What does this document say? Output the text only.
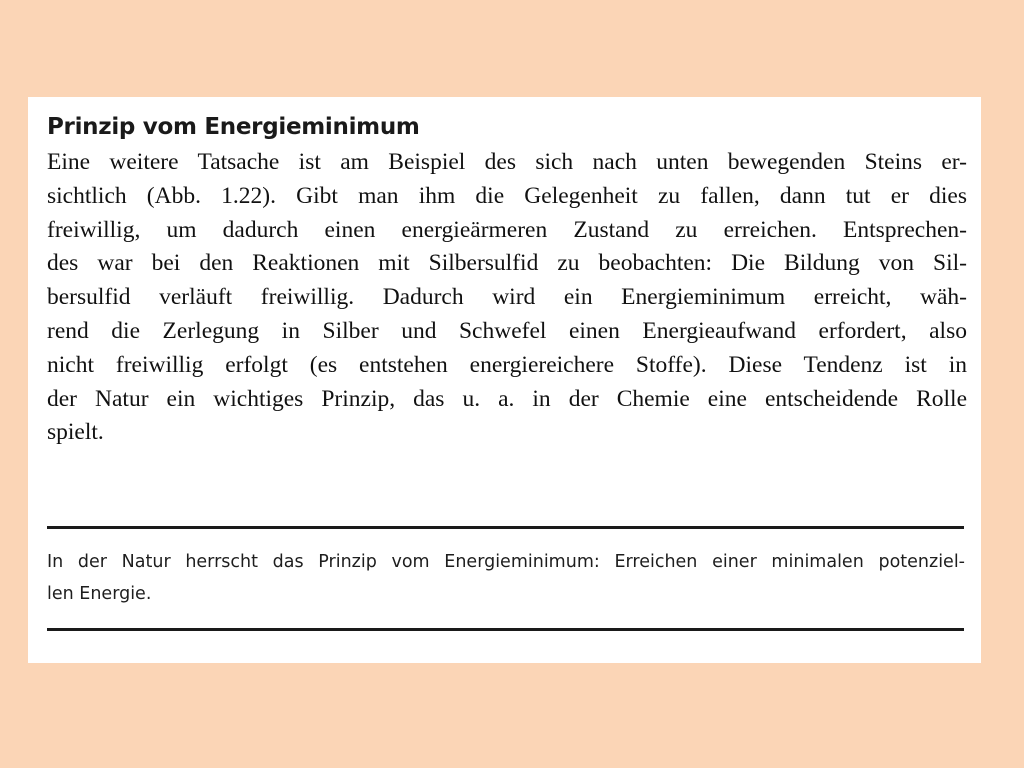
Prinzip vom Energieminimum
Eine weitere Tatsache ist am Beispiel des sich nach unten bewegenden Steins er-
sichtlich (Abb. 1.22). Gibt man ihm die Gelegenheit zu fallen, dann tut er dies
freiwillig, um dadurch einen energieärmeren Zustand zu erreichen. Entsprechen-
des war bei den Reaktionen mit Silbersulfid zu beobachten: Die Bildung von Sil-
bersulfid verläuft freiwillig. Dadurch wird ein Energieminimum erreicht, wäh-
rend die Zerlegung in Silber und Schwefel einen Energieaufwand erfordert, also
nicht freiwillig erfolgt (es entstehen energiereichere Stoffe). Diese Tendenz ist in
der Natur ein wichtiges Prinzip, das u. a. in der Chemie eine entscheidende Rolle
spielt.
In der Natur herrscht das Prinzip vom Energieminimum: Erreichen einer minimalen potenziel-
len Energie.
